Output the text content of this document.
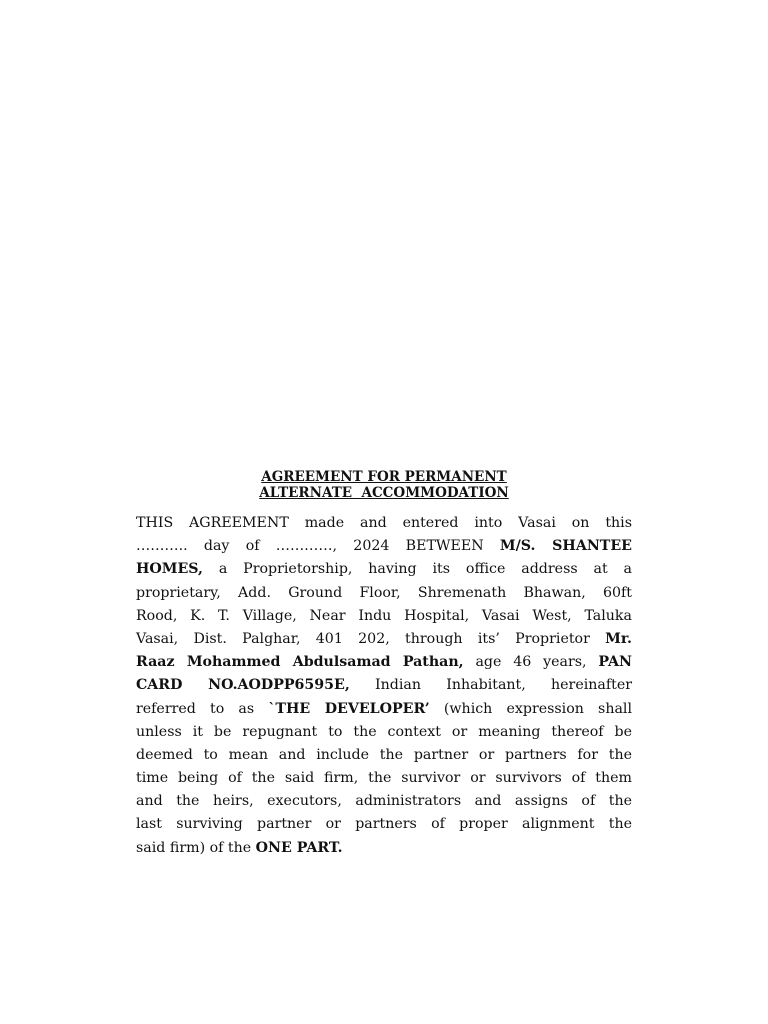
AGREEMENT FOR PERMANENT
ALTERNATE  ACCOMMODATION
THIS AGREEMENT made and entered into Vasai on this
……….. day of …………, 2024 BETWEEN M/S. SHANTEE
HOMES, a Proprietorship, having its office address at a
proprietary, Add. Ground Floor, Shremenath Bhawan, 60ft
Rood, K. T. Village, Near Indu Hospital, Vasai West, Taluka
Vasai, Dist. Palghar, 401 202, through its’ Proprietor Mr.
Raaz Mohammed Abdulsamad Pathan, age 46 years, PAN
CARD NO.AODPP6595E, Indian Inhabitant, hereinafter
referred to as `THE DEVELOPER’ (which expression shall
unless it be repugnant to the context or meaning thereof be
deemed to mean and include the partner or partners for the
time being of the said firm, the survivor or survivors of them
and the heirs, executors, administrators and assigns of the
last surviving partner or partners of proper alignment the
said firm) of the ONE PART.
